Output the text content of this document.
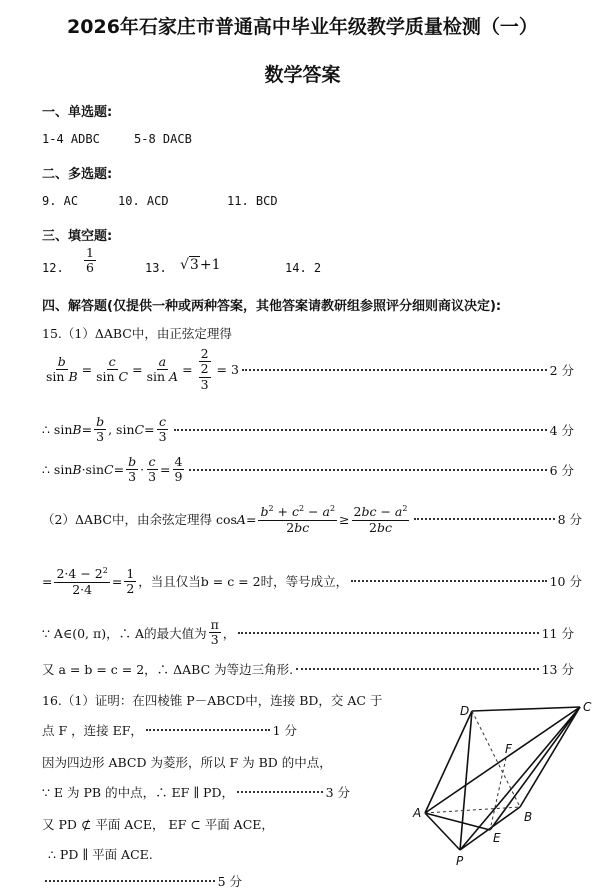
2026年石家庄市普通高中毕业年级教学质量检测（一）
数学答案
一、单选题:
1-4 ADBC	5-8 DACB
二、多选题:
9. AC	10. ACD	11. BCD
三、填空题:
12. $\frac{1}{6}$	13. √3+1	14. 2
四、解答题(仅提供一种或两种答案，其他答案请教研组参照评分细则商议决定):
15.（1）ΔABC中，由正弦定理得
$\frac{b}{\text{sin B}} = \frac{c}{\text{sin C}} = \frac{a}{\text{sin A}} = \frac{2}{\frac{2}{3}} = 3$	2 分
∴ $\sin B = \frac{b}{3}$ , $\sin C = \frac{c}{3}$	4 分
∴ sin B ·sin $C = \frac{b}{3} \cdot \frac{c}{3} = \frac{4}{9}$	6 分
（2）ΔABC中，由余弦定理得 $\cos A = \frac{b^2 + c^2 - a^2}{2bc} \ge \frac{2bc - a^2}{2bc}$	8 分
= $\frac{2\cdot 4 - 2^2}{2\cdot 4} = \frac{1}{2}$ ，当且仅当b = c = 2时，等号成立，	10 分
∵ A∈(0, π)，∴ A的最大值为 $\frac{\pi}{3}$ ，	11 分
又 a = b = c = 2，∴ ΔABC 为等边三角形.	13 分
16.（1）证明：在四棱锥 P－ABCD中，连接 BD，交 AC 于
点 F ，连接 EF，	1 分
因为四边形 ABCD 为菱形，所以 F 为 BD 的中点，
∵ E 为 PB 的中点，∴ EF ∥ PD，	3 分
又 PD ⊄ 平面 ACE， EF ⊂ 平面 ACE，
∴ PD ∥ 平面 ACE.
5 分
D	C
F
A	B
E
P
